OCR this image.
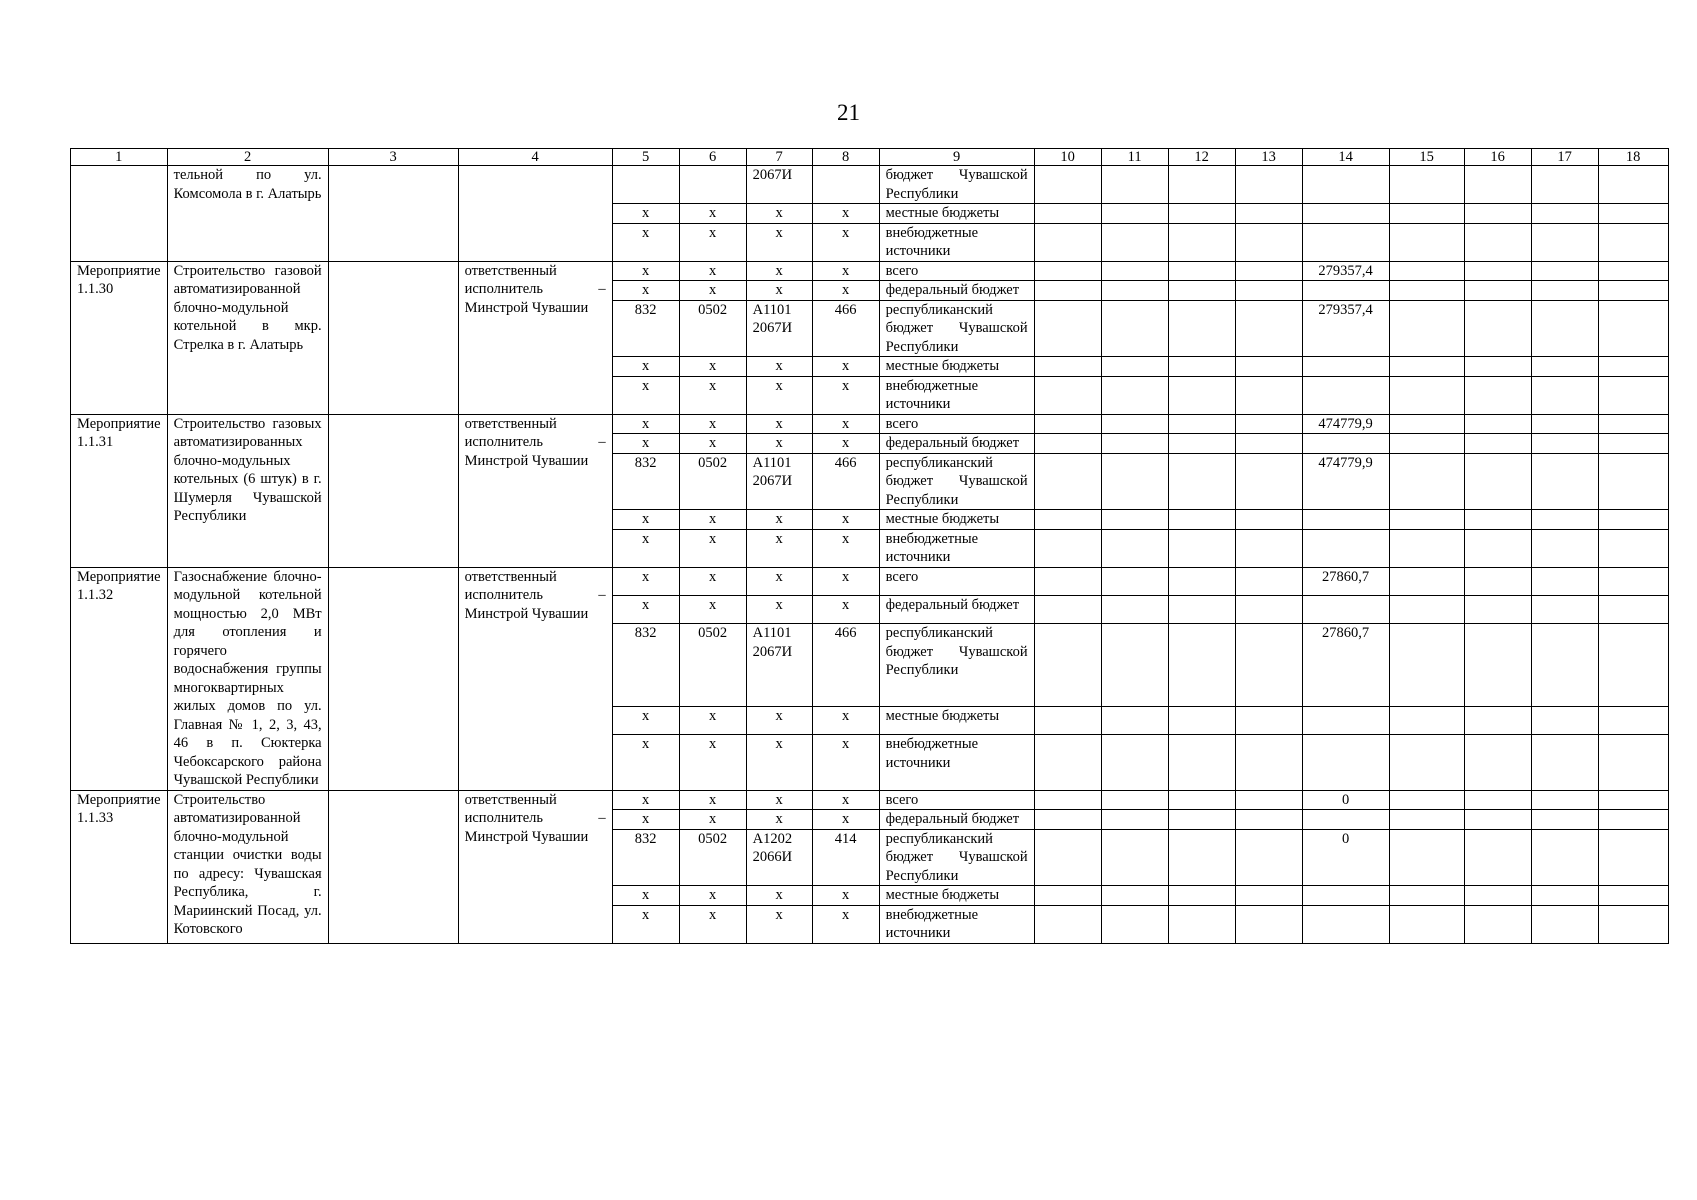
21
1	2	3	4	5	6	7	8	9	10	11	12	13	14	15	16	17	18
	тельной по ул. Комсомола в г. Алатырь					2067И		бюджет Чувашской Республики									
				х	х	х	х	местные бюджеты									
				х	х	х	х	внебюджетные источники									
Мероприятие 1.1.30	Строительство газовой автоматизированной блочно-модульной котельной в мкр. Стрелка в г. Алатырь		ответственный исполнитель – Минстрой Чувашии	х	х	х	х	всего					279357,4				
				х	х	х	х	федеральный бюджет									
				832	0502	А1101 2067И	466	республиканский бюджет Чувашской Республики					279357,4				
				х	х	х	х	местные бюджеты									
				х	х	х	х	внебюджетные источники									
Мероприятие 1.1.31	Строительство газовых автоматизированных блочно-модульных котельных (6 штук) в г. Шумерля Чувашской Республики		ответственный исполнитель – Минстрой Чувашии	х	х	х	х	всего					474779,9				
				х	х	х	х	федеральный бюджет									
				832	0502	А1101 2067И	466	республиканский бюджет Чувашской Республики					474779,9				
				х	х	х	х	местные бюджеты									
				х	х	х	х	внебюджетные источники									
Мероприятие 1.1.32	Газоснабжение блочно-модульной котельной мощностью 2,0 МВт для отопления и горячего водоснабжения группы многоквартирных жилых домов по ул. Главная № 1, 2, 3, 43, 46 в п. Сюктерка Чебоксарского района Чувашской Республики		ответственный исполнитель – Минстрой Чувашии	х	х	х	х	всего					27860,7				
				х	х	х	х	федеральный бюджет									
				832	0502	А1101 2067И	466	республиканский бюджет Чувашской Республики					27860,7				
				х	х	х	х	местные бюджеты									
				х	х	х	х	внебюджетные источники									
Мероприятие 1.1.33	Строительство автоматизированной блочно-модульной станции очистки воды по адресу: Чувашская Республика, г. Мариинский Посад, ул. Котовского		ответственный исполнитель – Минстрой Чувашии	х	х	х	х	всего					0				
				х	х	х	х	федеральный бюджет									
				832	0502	А1202 2066И	414	республиканский бюджет Чувашской Республики					0				
				х	х	х	х	местные бюджеты									
				х	х	х	х	внебюджетные источники									
